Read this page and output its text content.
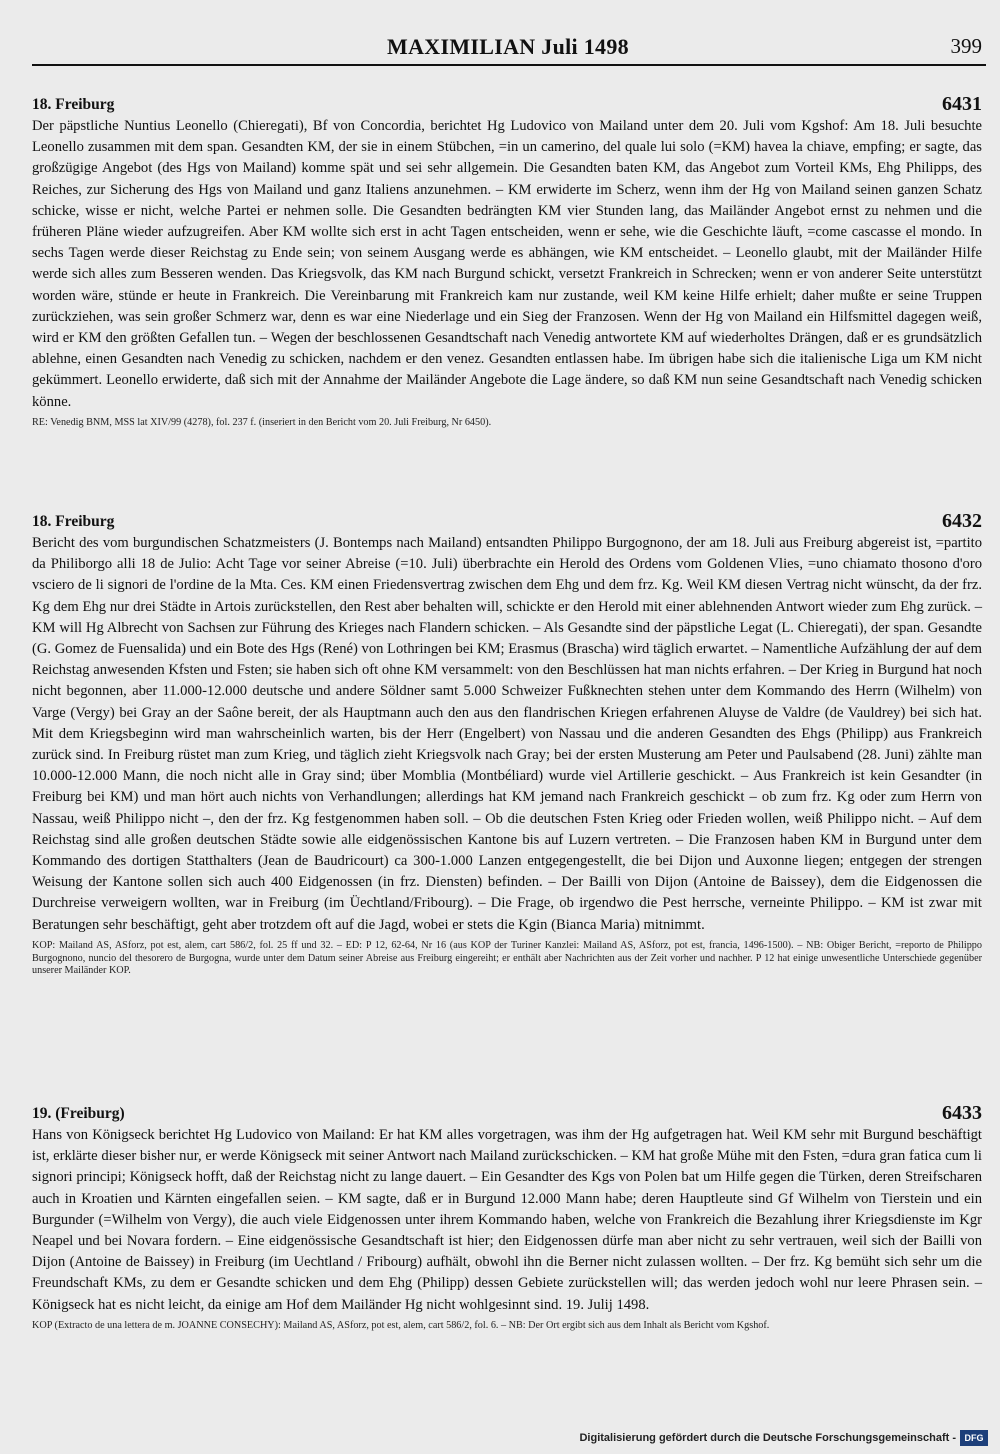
MAXIMILIAN Juli 1498	399
18. Freiburg	6431

Der päpstliche Nuntius Leonello (Chieregati), Bf von Concordia, berichtet Hg Ludovico von Mailand unter dem 20. Juli vom Kgshof: Am 18. Juli besuchte Leonello zusammen mit dem span. Gesandten KM, der sie in einem Stübchen, =in un camerino, del quale lui solo (=KM) havea la chiave, empfing; er sagte, das großzügige Angebot (des Hgs von Mailand) komme spät und sei sehr allgemein. Die Gesandten baten KM, das Angebot zum Vorteil KMs, Ehg Philipps, des Reiches, zur Sicherung des Hgs von Mailand und ganz Italiens anzunehmen. – KM erwiderte im Scherz, wenn ihm der Hg von Mailand seinen ganzen Schatz schicke, wisse er nicht, welche Partei er nehmen solle. Die Gesandten bedrängten KM vier Stunden lang, das Mailänder Angebot ernst zu nehmen und die früheren Pläne wieder aufzugreifen. Aber KM wollte sich erst in acht Tagen entscheiden, wenn er sehe, wie die Geschichte läuft, =come cascasse el mondo. In sechs Tagen werde dieser Reichstag zu Ende sein; von seinem Ausgang werde es abhängen, wie KM entscheidet. – Leonello glaubt, mit der Mailänder Hilfe werde sich alles zum Besseren wenden. Das Kriegsvolk, das KM nach Burgund schickt, versetzt Frankreich in Schrecken; wenn er von anderer Seite unterstützt worden wäre, stünde er heute in Frankreich. Die Vereinbarung mit Frankreich kam nur zustande, weil KM keine Hilfe erhielt; daher mußte er seine Truppen zurückziehen, was sein großer Schmerz war, denn es war eine Niederlage und ein Sieg der Franzosen. Wenn der Hg von Mailand ein Hilfsmittel dagegen weiß, wird er KM den größten Gefallen tun. – Wegen der beschlossenen Gesandtschaft nach Venedig antwortete KM auf wiederholtes Drängen, daß er es grundsätzlich ablehne, einen Gesandten nach Venedig zu schicken, nachdem er den venez. Gesandten entlassen habe. Im übrigen habe sich die italienische Liga um KM nicht gekümmert. Leonello erwiderte, daß sich mit der Annahme der Mailänder Angebote die Lage ändere, so daß KM nun seine Gesandtschaft nach Venedig schicken könne.

RE: Venedig BNM, MSS lat XIV/99 (4278), fol. 237 f. (inseriert in den Bericht vom 20. Juli Freiburg, Nr 6450).

18. Freiburg	6432

Bericht des vom burgundischen Schatzmeisters (J. Bontemps nach Mailand) entsandten Philippo Burgognono, der am 18. Juli aus Freiburg abgereist ist, =partito da Philiborgo alli 18 de Julio: Acht Tage vor seiner Abreise (=10. Juli) überbrachte ein Herold des Ordens vom Goldenen Vlies, =uno chiamato thosono d'oro vsciero de li signori de l'ordine de la Mta. Ces. KM einen Friedensvertrag zwischen dem Ehg und dem frz. Kg. Weil KM diesen Vertrag nicht wünscht, da der frz. Kg dem Ehg nur drei Städte in Artois zurückstellen, den Rest aber behalten will, schickte er den Herold mit einer ablehnenden Antwort wieder zum Ehg zurück. – KM will Hg Albrecht von Sachsen zur Führung des Krieges nach Flandern schicken. – Als Gesandte sind der päpstliche Legat (L. Chieregati), der span. Gesandte (G. Gomez de Fuensalida) und ein Bote des Hgs (René) von Lothringen bei KM; Erasmus (Brascha) wird täglich erwartet. – Namentliche Aufzählung der auf dem Reichstag anwesenden Kfsten und Fsten; sie haben sich oft ohne KM versammelt: von den Beschlüssen hat man nichts erfahren. – Der Krieg in Burgund hat noch nicht begonnen, aber 11.000-12.000 deutsche und andere Söldner samt 5.000 Schweizer Fußknechten stehen unter dem Kommando des Herrn (Wilhelm) von Varge (Vergy) bei Gray an der Saône bereit, der als Hauptmann auch den aus den flandrischen Kriegen erfahrenen Aluyse de Valdre (de Vauldrey) bei sich hat. Mit dem Kriegsbeginn wird man wahrscheinlich warten, bis der Herr (Engelbert) von Nassau und die anderen Gesandten des Ehgs (Philipp) aus Frankreich zurück sind. In Freiburg rüstet man zum Krieg, und täglich zieht Kriegsvolk nach Gray; bei der ersten Musterung am Peter und Paulsabend (28. Juni) zählte man 10.000-12.000 Mann, die noch nicht alle in Gray sind; über Mombliа (Montbéliard) wurde viel Artillerie geschickt. – Aus Frankreich ist kein Gesandter (in Freiburg bei KM) und man hört auch nichts von Verhandlungen; allerdings hat KM jemand nach Frankreich geschickt – ob zum frz. Kg oder zum Herrn von Nassau, weiß Philippo nicht –, den der frz. Kg festgenommen haben soll. – Ob die deutschen Fsten Krieg oder Frieden wollen, weiß Philippo nicht. – Auf dem Reichstag sind alle großen deutschen Städte sowie alle eidgenössischen Kantone bis auf Luzern vertreten. – Die Franzosen haben KM in Burgund unter dem Kommando des dortigen Statthalters (Jean de Baudricourt) ca 300-1.000 Lanzen entgegengestellt, die bei Dijon und Auxonne liegen; entgegen der strengen Weisung der Kantone sollen sich auch 400 Eidgenossen (in frz. Diensten) befinden. – Der Bailli von Dijon (Antoine de Baissey), dem die Eidgenossen die Durchreise verweigern wollten, war in Freiburg (im Üechtland/Fribourg). – Die Frage, ob irgendwo die Pest herrsche, verneinte Philippo. – KM ist zwar mit Beratungen sehr beschäftigt, geht aber trotzdem oft auf die Jagd, wobei er stets die Kgin (Bianca Maria) mitnimmt.

KOP: Mailand AS, ASforz, pot est, alem, cart 586/2, fol. 25 ff und 32. – ED: P 12, 62-64, Nr 16 (aus KOP der Turiner Kanzlei: Mailand AS, ASforz, pot est, francia, 1496-1500). – NB: Obiger Bericht, =reporto de Philippo Burgognono, nuncio del thesorero de Burgogna, wurde unter dem Datum seiner Abreise aus Freiburg eingereiht; er enthält aber Nachrichten aus der Zeit vorher und nachher. P 12 hat einige unwesentliche Unterschiede gegenüber unserer Mailänder KOP.

19. (Freiburg)	6433

Hans von Königseck berichtet Hg Ludovico von Mailand: Er hat KM alles vorgetragen, was ihm der Hg aufgetragen hat. Weil KM sehr mit Burgund beschäftigt ist, erklärte dieser bisher nur, er werde Königseck mit seiner Antwort nach Mailand zurückschicken. – KM hat große Mühe mit den Fsten, =dura gran fatica cum li signori principi; Königseck hofft, daß der Reichstag nicht zu lange dauert. – Ein Gesandter des Kgs von Polen bat um Hilfe gegen die Türken, deren Streifscharen auch in Kroatien und Kärnten eingefallen seien. – KM sagte, daß er in Burgund 12.000 Mann habe; deren Hauptleute sind Gf Wilhelm von Tierstein und ein Burgunder (=Wilhelm von Vergy), die auch viele Eidgenossen unter ihrem Kommando haben, welche von Frankreich die Bezahlung ihrer Kriegsdienste im Kgr Neapel und bei Novara fordern. – Eine eidgenössische Gesandtschaft ist hier; den Eidgenossen dürfe man aber nicht zu sehr vertrauen, weil sich der Bailli von Dijon (Antoine de Baissey) in Freiburg (im Uechtland / Fribourg) aufhält, obwohl ihn die Berner nicht zulassen wollten. – Der frz. Kg bemüht sich sehr um die Freundschaft KMs, zu dem er Gesandte schicken und dem Ehg (Philipp) dessen Gebiete zurückstellen will; das werden jedoch wohl nur leere Phrasen sein. – Königseck hat es nicht leicht, da einige am Hof dem Mailänder Hg nicht wohlgesinnt sind. 19. Julij 1498.

KOP (Extracto de una lettera de m. JOANNE CONSECHY): Mailand AS, ASforz, pot est, alem, cart 586/2, fol. 6. – NB: Der Ort ergibt sich aus dem Inhalt als Bericht vom Kgshof.

Digitalisierung gefördert durch die Deutsche Forschungsgemeinschaft - DFG
